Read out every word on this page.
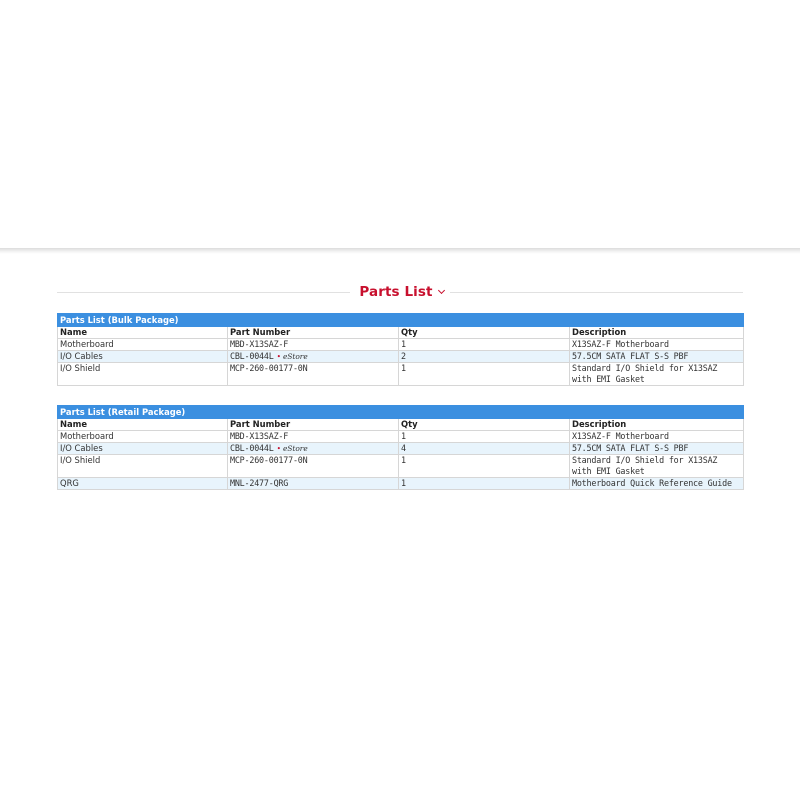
Parts List
Parts List (Bulk Package)			
Name	Part Number	Qty	Description
Motherboard	MBD-X13SAZ-F	1	X13SAZ-F Motherboard
I/O Cables	CBL-0044L • eStore	2	57.5CM SATA FLAT S-S PBF
I/O Shield	MCP-260-00177-0N	1	Standard I/O Shield for X13SAZ with EMI Gasket
Parts List (Retail Package)			
Name	Part Number	Qty	Description
Motherboard	MBD-X13SAZ-F	1	X13SAZ-F Motherboard
I/O Cables	CBL-0044L • eStore	4	57.5CM SATA FLAT S-S PBF
I/O Shield	MCP-260-00177-0N	1	Standard I/O Shield for X13SAZ with EMI Gasket
QRG	MNL-2477-QRG	1	Motherboard Quick Reference Guide
